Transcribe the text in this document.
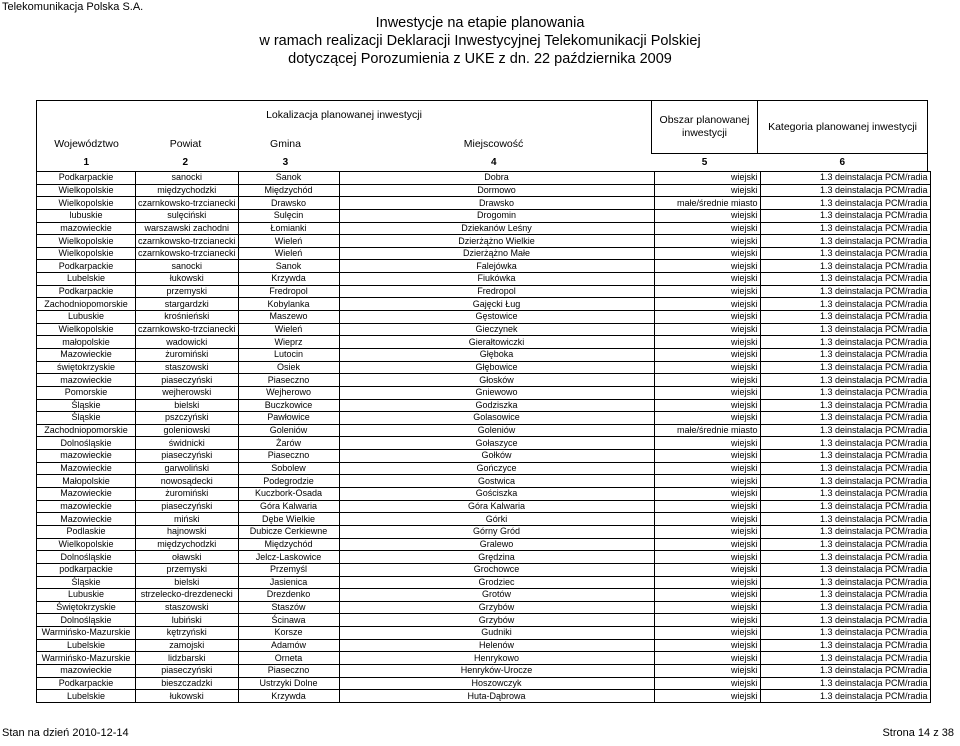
Telekomunikacja Polska S.A.
Inwestycje na etapie planowania
w ramach realizacji Deklaracji Inwestycyjnej Telekomunikacji Polskiej
dotyczącej Porozumienia z UKE z dn. 22 października 2009
Lokalizacja planowanej inwestycji
Województwo Powiat Gmina Miejscowość				Obszar planowanej inwestycji	Kategoria planowanej inwestycji
1	2	3	4	5	6
Podkarpackie	sanocki	Sanok	Dobra	wiejski	1.3 deinstalacja PCM/radia
Wielkopolskie	międzychodzki	Międzychód	Dormowo	wiejski	1.3 deinstalacja PCM/radia
Wielkopolskie	czarnkowsko-trzcianecki	Drawsko	Drawsko	małe/średnie miasto	1.3 deinstalacja PCM/radia
lubuskie	sulęciński	Sulęcin	Drogomin	wiejski	1.3 deinstalacja PCM/radia
mazowieckie	warszawski zachodni	Łomianki	Dziekanów Leśny	wiejski	1.3 deinstalacja PCM/radia
Wielkopolskie	czarnkowsko-trzcianecki	Wieleń	Dzierżążno Wielkie	wiejski	1.3 deinstalacja PCM/radia
Wielkopolskie	czarnkowsko-trzcianecki	Wieleń	Dzierżążno Małe	wiejski	1.3 deinstalacja PCM/radia
Podkarpackie	sanocki	Sanok	Falejówka	wiejski	1.3 deinstalacja PCM/radia
Lubelskie	łukowski	Krzywda	Fiukówka	wiejski	1.3 deinstalacja PCM/radia
Podkarpackie	przemyski	Fredropol	Fredropol	wiejski	1.3 deinstalacja PCM/radia
Zachodniopomorskie	stargardzki	Kobylanka	Gajęcki Ług	wiejski	1.3 deinstalacja PCM/radia
Lubuskie	krośnieński	Maszewo	Gęstowice	wiejski	1.3 deinstalacja PCM/radia
Wielkopolskie	czarnkowsko-trzcianecki	Wieleń	Gieczynek	wiejski	1.3 deinstalacja PCM/radia
małopolskie	wadowicki	Wieprz	Gierałtowiczki	wiejski	1.3 deinstalacja PCM/radia
Mazowieckie	żuromiński	Lutocin	Głęboka	wiejski	1.3 deinstalacja PCM/radia
świętokrzyskie	staszowski	Osiek	Głębowice	wiejski	1.3 deinstalacja PCM/radia
mazowieckie	piaseczyński	Piaseczno	Głosków	wiejski	1.3 deinstalacja PCM/radia
Pomorskie	wejherowski	Wejherowo	Gniewowo	wiejski	1.3 deinstalacja PCM/radia
Śląskie	bielski	Buczkowice	Godziszka	wiejski	1.3 deinstalacja PCM/radia
Śląskie	pszczyński	Pawłowice	Golasowice	wiejski	1.3 deinstalacja PCM/radia
Zachodniopomorskie	goleniowski	Goleniów	Goleniów	małe/średnie miasto	1.3 deinstalacja PCM/radia
Dolnośląskie	świdnicki	Żarów	Gołaszyce	wiejski	1.3 deinstalacja PCM/radia
mazowieckie	piaseczyński	Piaseczno	Gołków	wiejski	1.3 deinstalacja PCM/radia
Mazowieckie	garwoliński	Sobolew	Gończyce	wiejski	1.3 deinstalacja PCM/radia
Małopolskie	nowosądecki	Podegrodzie	Gostwica	wiejski	1.3 deinstalacja PCM/radia
Mazowieckie	żuromiński	Kuczbork-Osada	Gościszka	wiejski	1.3 deinstalacja PCM/radia
mazowieckie	piaseczyński	Góra Kalwaria	Góra Kalwaria	wiejski	1.3 deinstalacja PCM/radia
Mazowieckie	miński	Dębe Wielkie	Górki	wiejski	1.3 deinstalacja PCM/radia
Podlaskie	hajnowski	Dubicze Cerkiewne	Górny Gród	wiejski	1.3 deinstalacja PCM/radia
Wielkopolskie	międzychodzki	Międzychód	Gralewo	wiejski	1.3 deinstalacja PCM/radia
Dolnośląskie	oławski	Jelcz-Laskowice	Grędzina	wiejski	1.3 deinstalacja PCM/radia
podkarpackie	przemyski	Przemyśl	Grochowce	wiejski	1.3 deinstalacja PCM/radia
Śląskie	bielski	Jasienica	Grodziec	wiejski	1.3 deinstalacja PCM/radia
Lubuskie	strzelecko-drezdenecki	Drezdenko	Grotów	wiejski	1.3 deinstalacja PCM/radia
Świętokrzyskie	staszowski	Staszów	Grzybów	wiejski	1.3 deinstalacja PCM/radia
Dolnośląskie	lubiński	Ścinawa	Grzybów	wiejski	1.3 deinstalacja PCM/radia
Warmińsko-Mazurskie	kętrzyński	Korsze	Gudniki	wiejski	1.3 deinstalacja PCM/radia
Lubelskie	zamojski	Adamów	Helenów	wiejski	1.3 deinstalacja PCM/radia
Warmińsko-Mazurskie	lidzbarski	Orneta	Henrykowo	wiejski	1.3 deinstalacja PCM/radia
mazowieckie	piaseczyński	Piaseczno	Henryków-Urocze	wiejski	1.3 deinstalacja PCM/radia
Podkarpackie	bieszczadzki	Ustrzyki Dolne	Hoszowczyk	wiejski	1.3 deinstalacja PCM/radia
Lubelskie	łukowski	Krzywda	Huta-Dąbrowa	wiejski	1.3 deinstalacja PCM/radia
Stan na dzień 2010-12-14	Strona 14 z 38
